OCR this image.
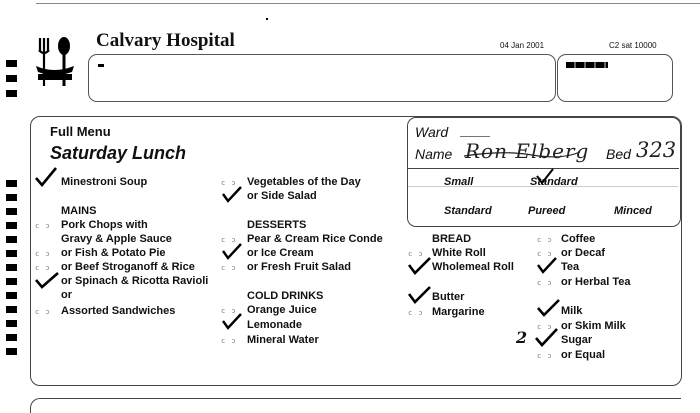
Calvary Hospital	04 Jan 2001	C2 sat 10000
Full Menu
Saturday Lunch
Ward
Name Ron Elberg Bed 323
Small	Standard
Standard	Pureed	Minced
Minestroni Soup
MAINS
c ɔ Pork Chops with
Gravy & Apple Sauce
c ɔ or Fish & Potato Pie
c ɔ or Beef Stroganoff & Rice
or Spinach & Ricotta Ravioli
or
c ɔ Assorted Sandwiches
c ɔ Vegetables of the Day
or Side Salad
DESSERTS
c ɔ Pear & Cream Rice Conde
or Ice Cream
c ɔ or Fresh Fruit Salad
COLD DRINKS
c ɔ Orange Juice
Lemonade
c ɔ Mineral Water
BREAD
c ɔ White Roll
Wholemeal Roll
Butter
c ɔ Margarine
c ɔ Coffee
c ɔ or Decaf
Tea
c ɔ or Herbal Tea
Milk
c ɔ or Skim Milk
Sugar
c ɔ or Equal
2
